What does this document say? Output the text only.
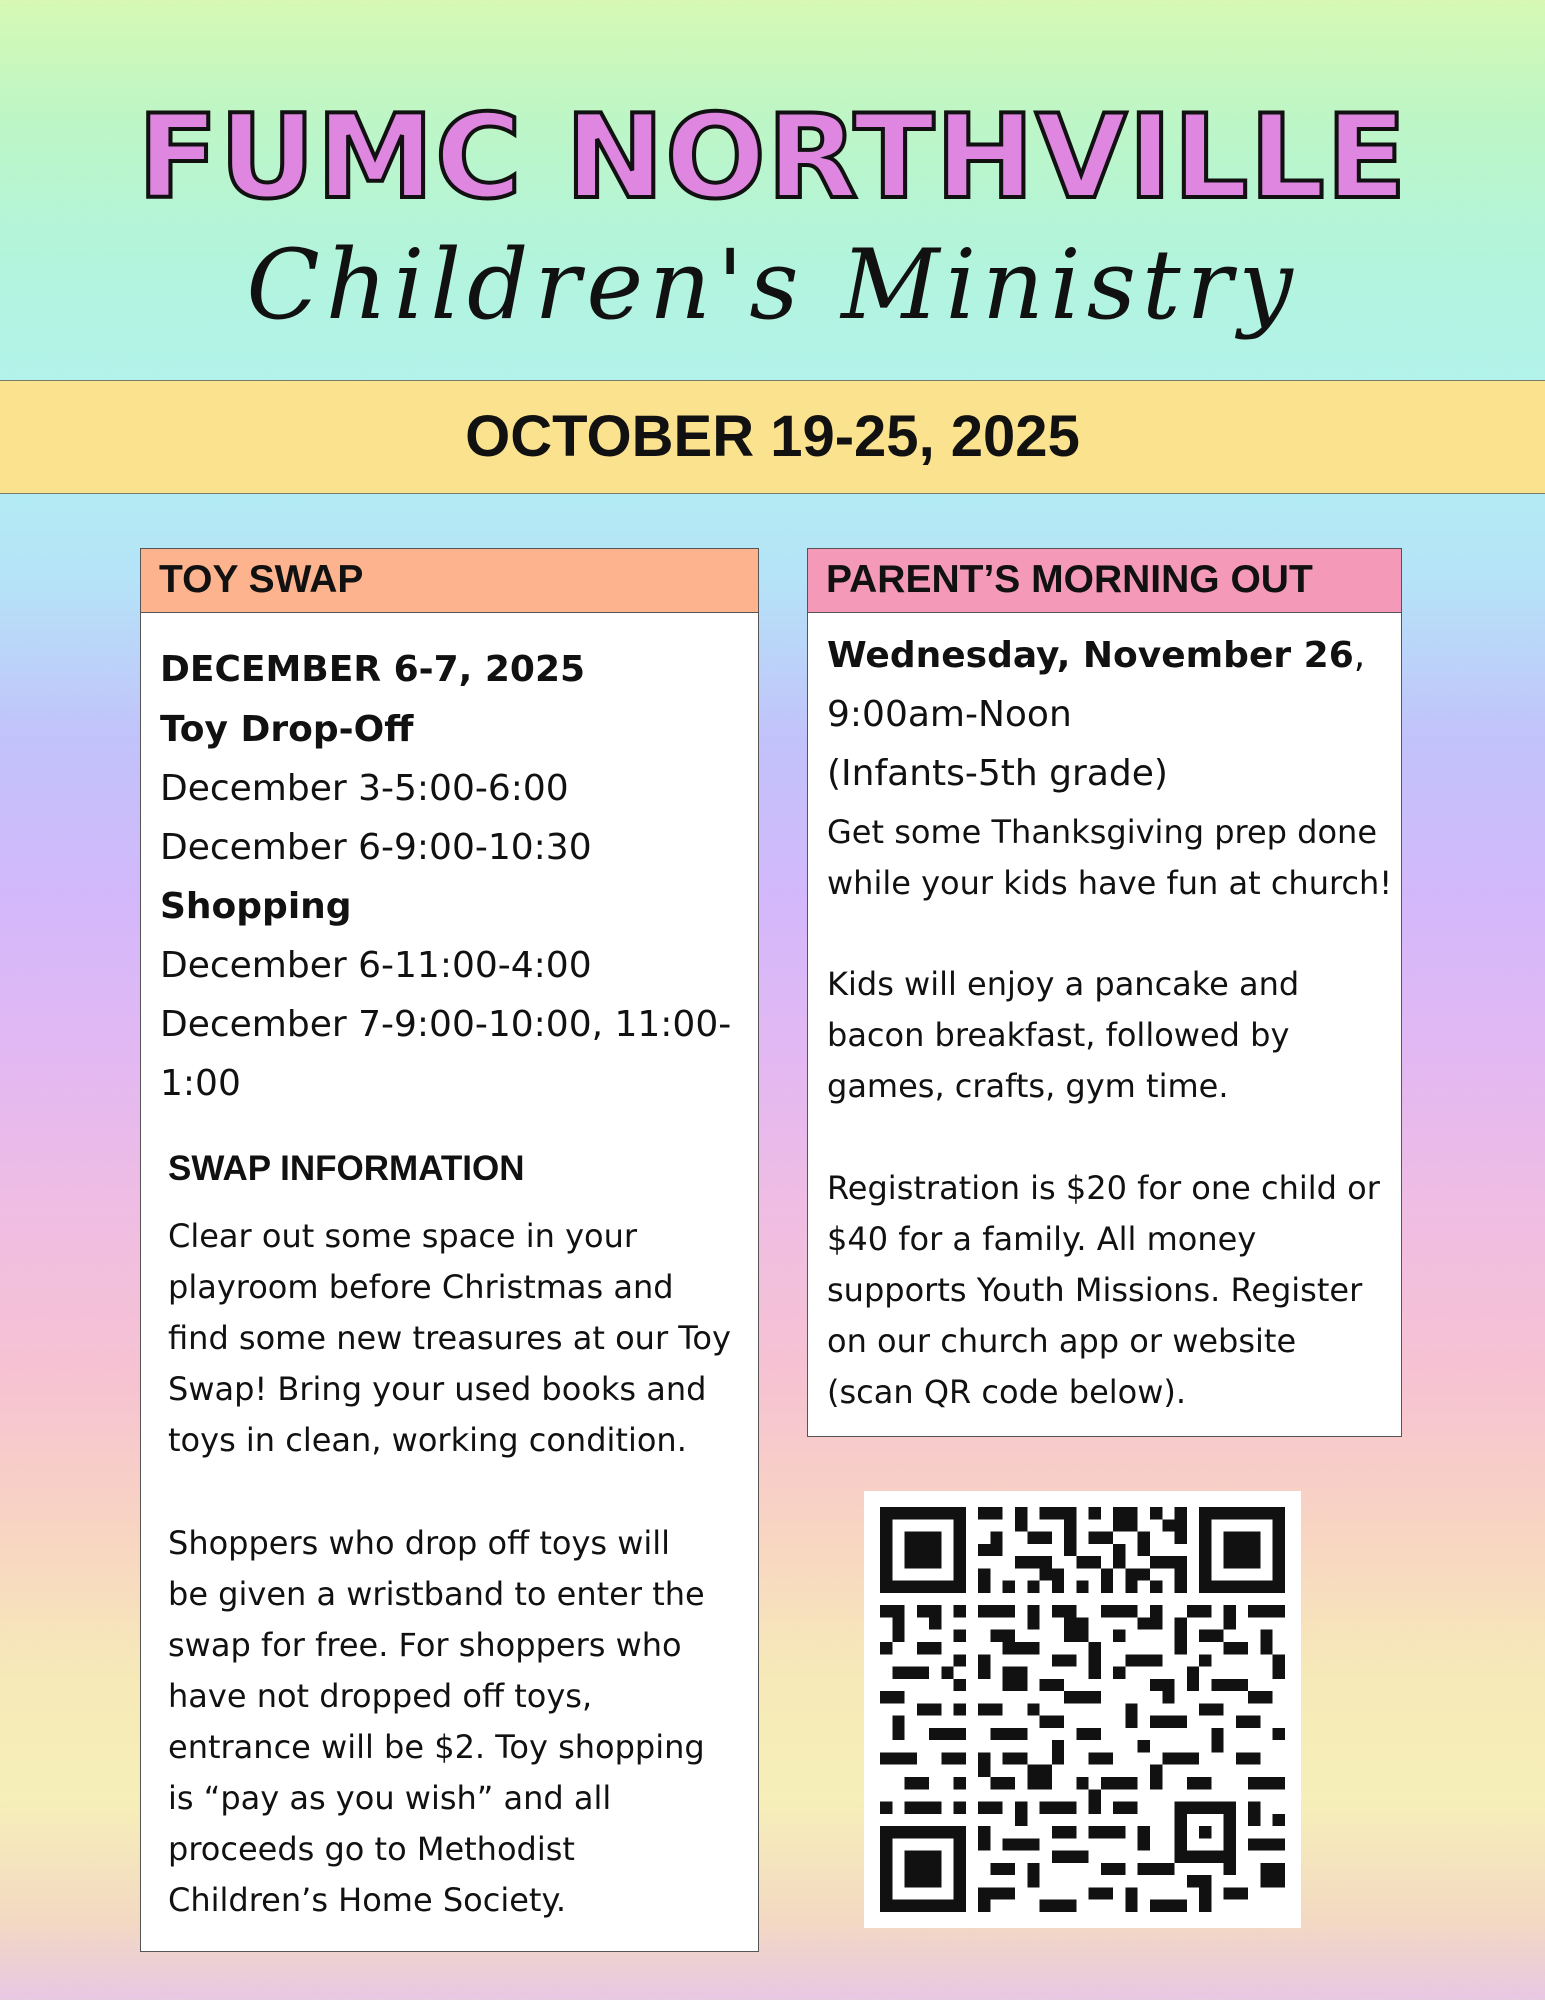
FUMC NORTHVILLE
Children's Ministry

OCTOBER 19-25, 2025

TOY SWAP

DECEMBER 6-7, 2025

Toy Drop-Off

December 3-5:00-6:00

December 6-9:00-10:30

Shopping

December 6-11:00-4:00

December 7-9:00-10:00, 11:00-

1:00

SWAP INFORMATION

Clear out some space in your
playroom before Christmas and
find some new treasures at our Toy
Swap! Bring your used books and
toys in clean, working condition.

Shoppers who drop off toys will
be given a wristband to enter the
swap for free. For shoppers who
have not dropped off toys,
entrance will be $2. Toy shopping
is “pay as you wish” and all
proceeds go to Methodist
Children’s Home Society.

PARENT’S MORNING OUT

Wednesday, November 26,

9:00am-Noon

(Infants-5th grade)

Get some Thanksgiving prep done
while your kids have fun at church!

Kids will enjoy a pancake and
bacon breakfast, followed by
games, crafts, gym time.

Registration is $20 for one child or
$40 for a family. All money
supports Youth Missions. Register
on our church app or website
(scan QR code below).
